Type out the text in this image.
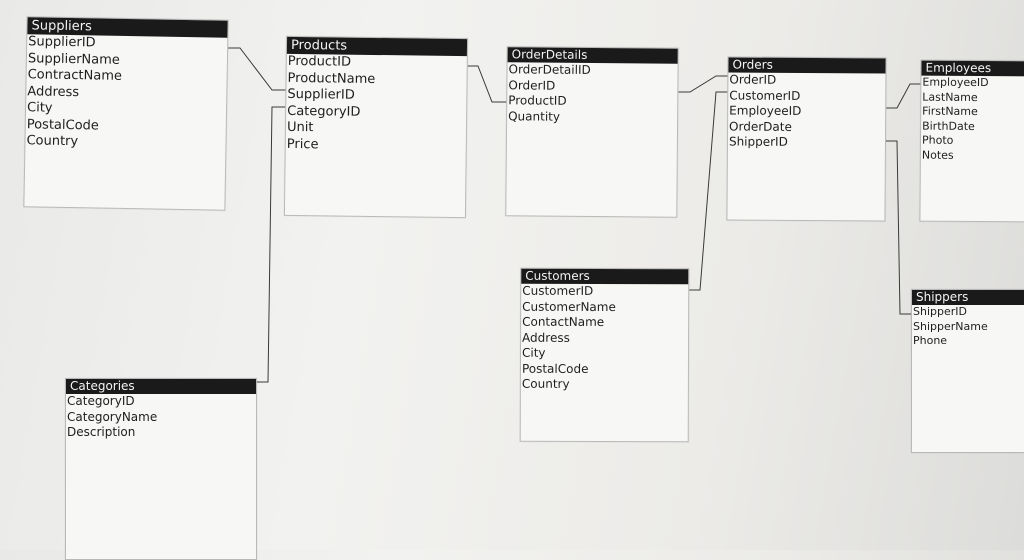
Suppliers
SupplierID
SupplierName
ContractName
Address
City
PostalCode
Country
Products
ProductID
ProductName
SupplierID
CategoryID
Unit
Price
OrderDetails
OrderDetailID
OrderID
ProductID
Quantity
Orders
OrderID
CustomerID
EmployeeID
OrderDate
ShipperID
Employees
EmployeeID
LastName
FirstName
BirthDate
Photo
Notes
Customers
CustomerID
CustomerName
ContactName
Address
City
PostalCode
Country
Shippers
ShipperID
ShipperName
Phone
Categories
CategoryID
CategoryName
Description
